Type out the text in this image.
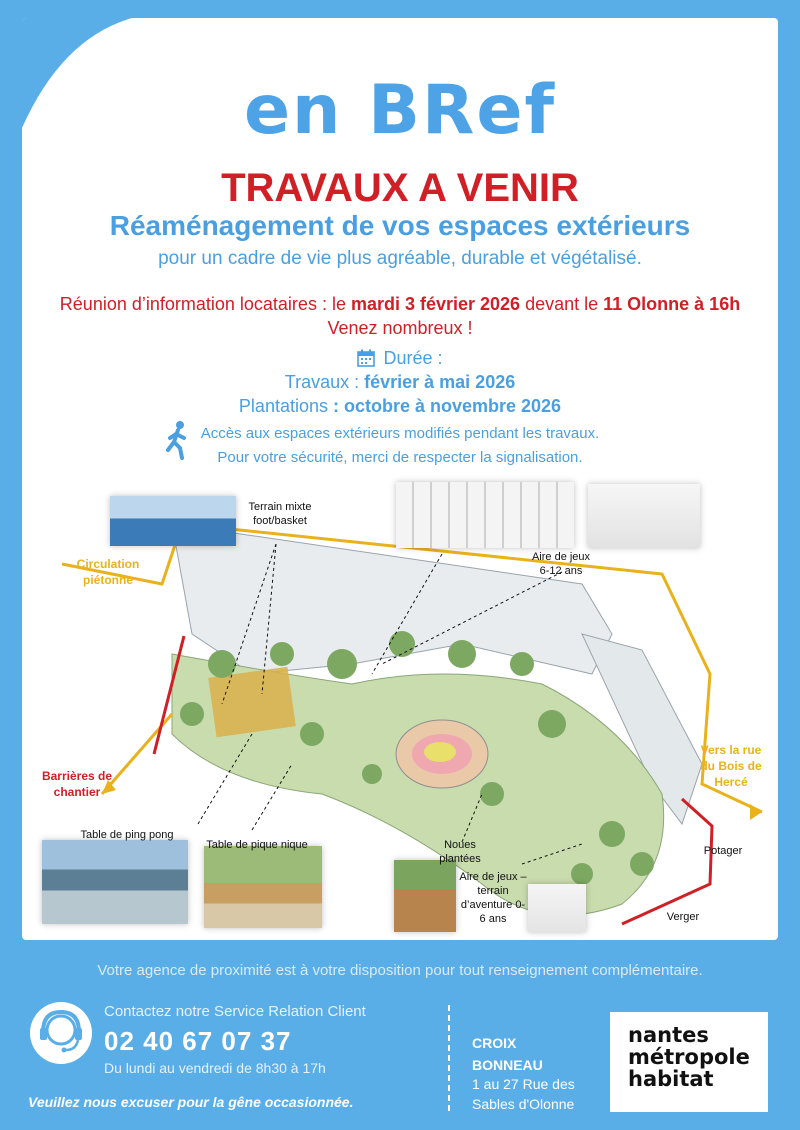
en BRef
TRAVAUX A VENIR
Réaménagement de vos espaces extérieurs
pour un cadre de vie plus agréable, durable et végétalisé.
Réunion d’information locataires : le mardi 3 février 2026 devant le 11 Olonne à 16h
Venez nombreux !
Durée :
Travaux : février à mai 2026
Plantations : octobre à novembre 2026
Accès aux espaces extérieurs modifiés pendant les travaux.
Pour votre sécurité, merci de respecter la signalisation.
Terrain mixte foot/basket
Aire de jeux 6-12 ans
Circulation piétonne
Barrières de chantier
Vers la rue du Bois de Hercé
Table de ping pong
Table de pique nique	Noues plantées
Aire de jeux – terrain d’aventure 0-6 ans
Potager
Verger
Votre agence de proximité est à votre disposition pour tout renseignement complémentaire.
Contactez notre Service Relation Client
02 40 67 07 37
Du lundi au vendredi de 8h30 à 17h
Veuillez nous excuser pour la gêne occasionnée.
CROIX
BONNEAU
1 au 27 Rue des
Sables d'Olonne
nantes
métropole
habitat
